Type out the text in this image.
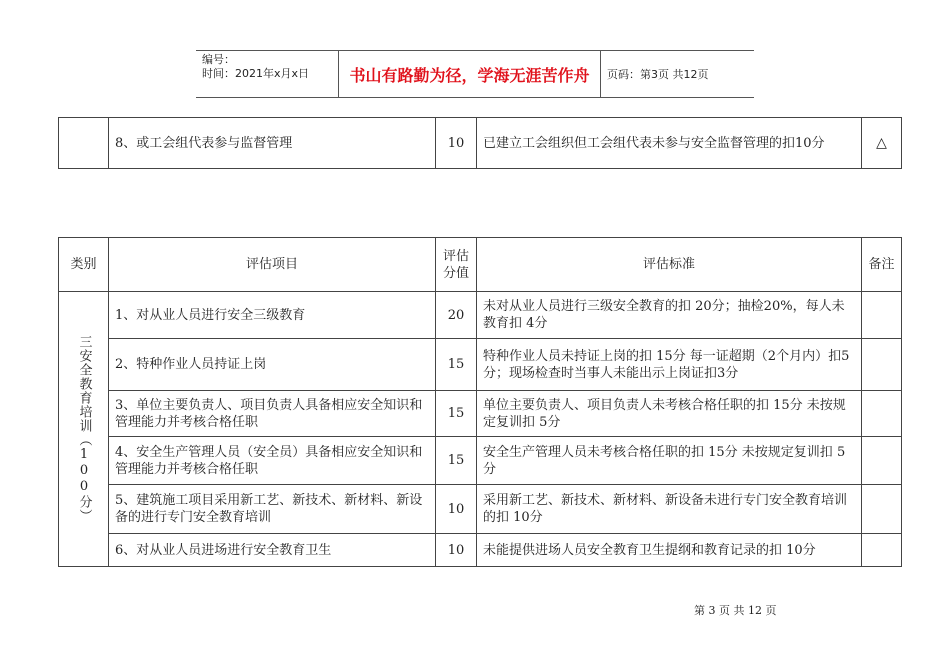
编号：
时间：2021年x月x日	书山有路勤为径，学海无涯苦作舟	页码：第3页 共12页
	8、或工会组代表参与监督管理	10	已建立工会组织但工会组代表未参与安全监督管理的扣10分	△
类别	评估项目	评估分值	评估标准	备注

三安全教育培训（100分）	1、对从业人员进行安全三级教育	20	未对从业人员进行三级安全教育的扣 20分；抽检20%，每人未教育扣 4分	
	2、特种作业人员持证上岗	15	特种作业人员未持证上岗的扣 15分 每一证超期（2个月内）扣5分；现场检查时当事人未能出示上岗证扣3分	
	3、单位主要负责人、项目负责人具备相应安全知识和管理能力并考核合格任职	15	单位主要负责人、项目负责人未考核合格任职的扣 15分 未按规定复训扣 5分	
	4、安全生产管理人员（安全员）具备相应安全知识和管理能力并考核合格任职	15	安全生产管理人员未考核合格任职的扣 15分 未按规定复训扣 5分	
	5、建筑施工项目采用新工艺、新技术、新材料、新设备的进行专门安全教育培训	10	采用新工艺、新技术、新材料、新设备未进行专门安全教育培训的扣 10分	
	6、对从业人员进场进行安全教育卫生	10	未能提供进场人员安全教育卫生提纲和教育记录的扣 10分	
第 3 页 共 12 页
